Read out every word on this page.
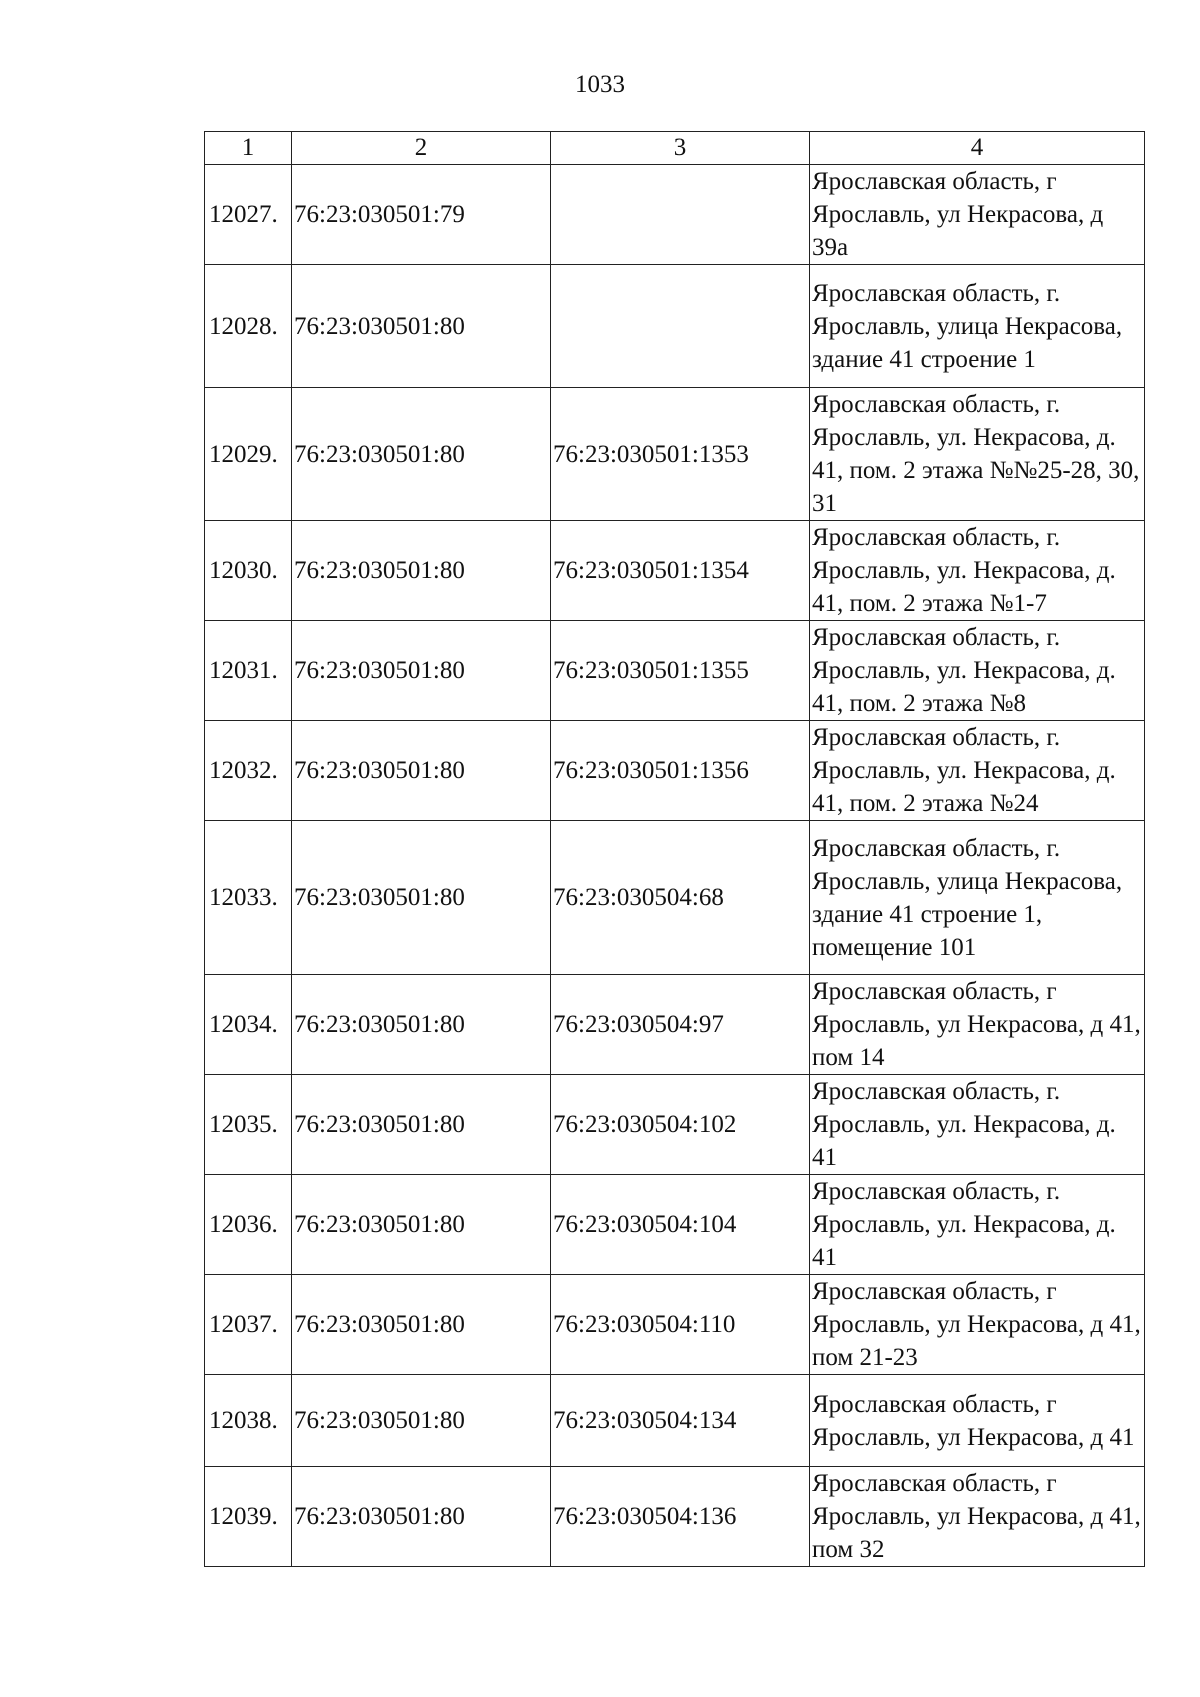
1033
1	2	3	4
12027.	76:23:030501:79		Ярославская область, г Ярославль, ул Некрасова, д 39а
12028.	76:23:030501:80		Ярославская область, г. Ярославль, улица Некрасова, здание 41 строение 1
12029.	76:23:030501:80	76:23:030501:1353	Ярославская область, г. Ярославль, ул. Некрасова, д. 41, пом. 2 этажа №№25-28, 30, 31
12030.	76:23:030501:80	76:23:030501:1354	Ярославская область, г. Ярославль, ул. Некрасова, д. 41, пом. 2 этажа №1-7
12031.	76:23:030501:80	76:23:030501:1355	Ярославская область, г. Ярославль, ул. Некрасова, д. 41, пом. 2 этажа №8
12032.	76:23:030501:80	76:23:030501:1356	Ярославская область, г. Ярославль, ул. Некрасова, д. 41, пом. 2 этажа №24
12033.	76:23:030501:80	76:23:030504:68	Ярославская область, г. Ярославль, улица Некрасова, здание 41 строение 1, помещение 101
12034.	76:23:030501:80	76:23:030504:97	Ярославская область, г Ярославль, ул Некрасова, д 41, пом 14
12035.	76:23:030501:80	76:23:030504:102	Ярославская область, г. Ярославль, ул. Некрасова, д. 41
12036.	76:23:030501:80	76:23:030504:104	Ярославская область, г. Ярославль, ул. Некрасова, д. 41
12037.	76:23:030501:80	76:23:030504:110	Ярославская область, г Ярославль, ул Некрасова, д 41, пом 21-23
12038.	76:23:030501:80	76:23:030504:134	Ярославская область, г Ярославль, ул Некрасова, д 41
12039.	76:23:030501:80	76:23:030504:136	Ярославская область, г Ярославль, ул Некрасова, д 41, пом 32
